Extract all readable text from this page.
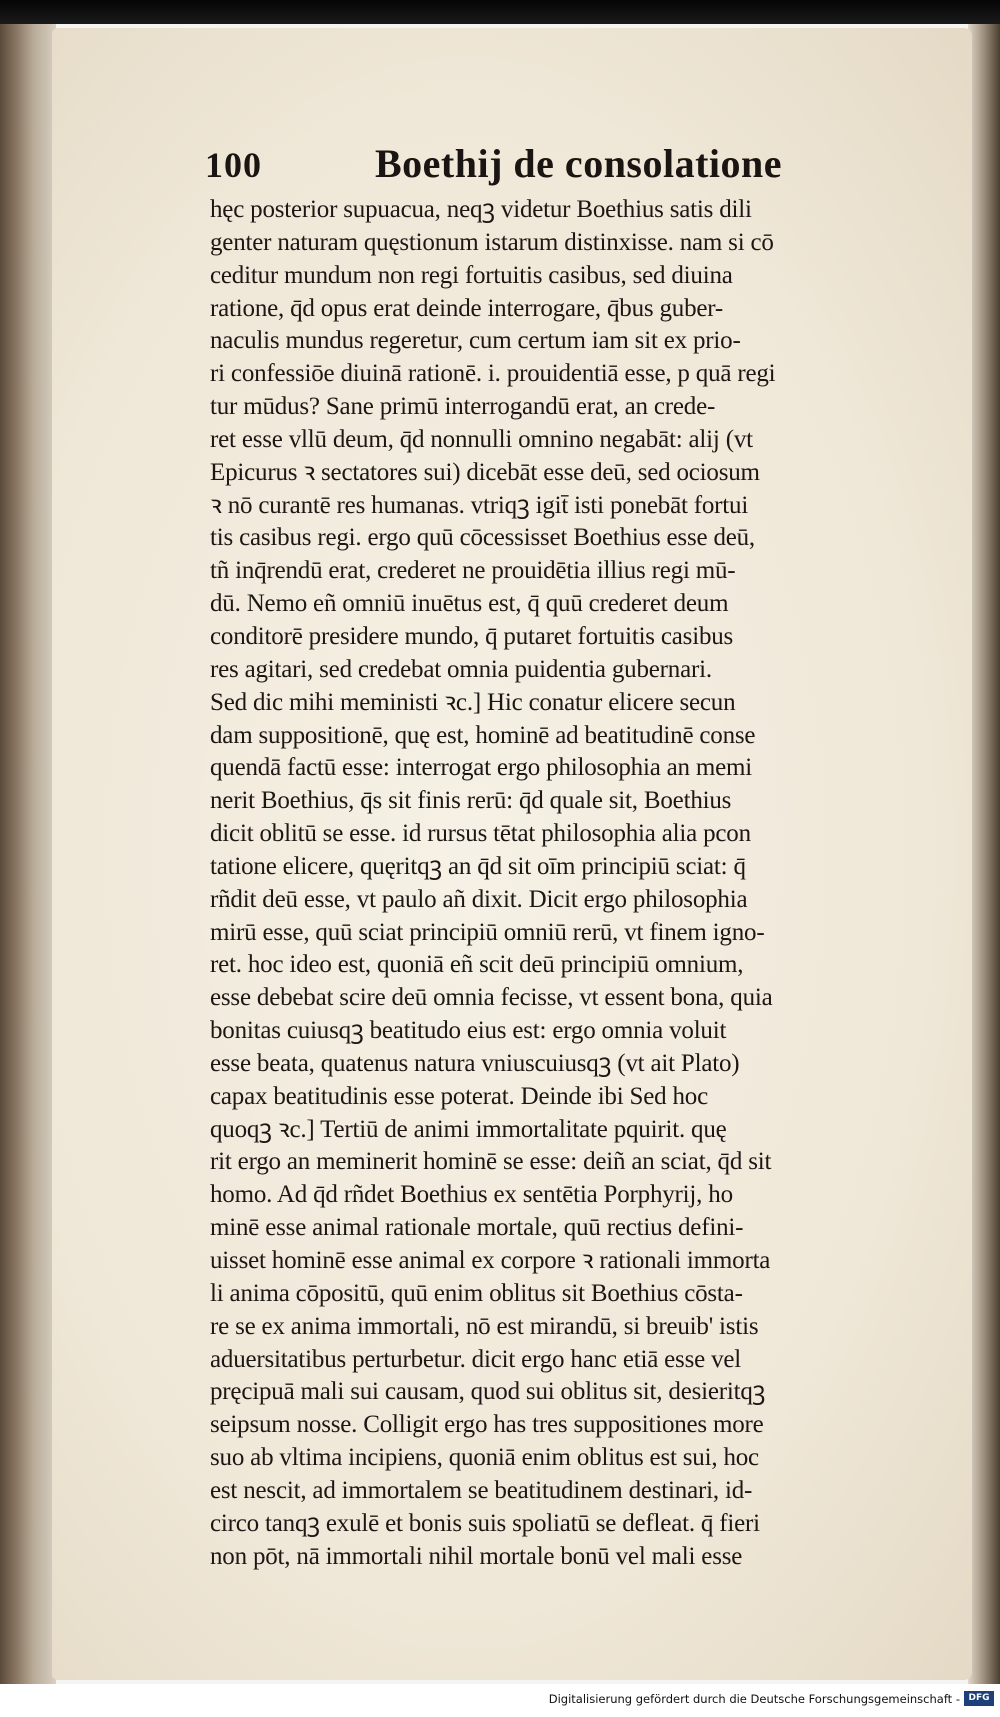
100	Boethij de consolatione
hęc posterior supuacua, neqꝫ videtur Boethius satis dili
genter naturam quęstionum istarum distinxisse. nam si cō
ceditur mundum non regi fortuitis casibus, sed diuina
ratione, q̄d opus erat deinde interrogare, q̄bus guber-
naculis mundus regeretur, cum certum iam sit ex prio-
ri confessiōe diuinā rationē. i. prouidentiā esse, p quā regi
tur mūdus? Sane primū interrogandū erat, an crede-
ret esse vllū deum, q̄d nonnulli omnino negabāt: alij (vt
Epicurus ꝛ sectatores sui) dicebāt esse deū, sed ociosum
ꝛ nō curantē res humanas. vtriqꝫ igit̄ isti ponebāt fortui
tis casibus regi. ergo quū cōcessisset Boethius esse deū,
tñ inq̄rendū erat, crederet ne prouidētia illius regi mū-
dū. Nemo eñ omniū inuētus est, q̄ quū crederet deum
conditorē presidere mundo, q̄ putaret fortuitis casibus
res agitari, sed credebat omnia puidentia gubernari.
Sed dic mihi meministi ꝛc.] Hic conatur elicere secun
dam suppositionē, quę est, hominē ad beatitudinē conse
quendā factū esse: interrogat ergo philosophia an memi
nerit Boethius, q̄s sit finis rerū: q̄d quale sit, Boethius
dicit oblitū se esse. id rursus tētat philosophia alia pcon
tatione elicere, quęritqꝫ an q̄d sit oīm principiū sciat: q̄
rñdit deū esse, vt paulo añ dixit. Dicit ergo philosophia
mirū esse, quū sciat principiū omniū rerū, vt finem igno-
ret. hoc ideo est, quoniā eñ scit deū principiū omnium,
esse debebat scire deū omnia fecisse, vt essent bona, quia
bonitas cuiusqꝫ beatitudo eius est: ergo omnia voluit
esse beata, quatenus natura vniuscuiusqꝫ (vt ait Plato)
capax beatitudinis esse poterat. Deinde ibi Sed hoc
quoqꝫ ꝛc.] Tertiū de animi immortalitate pquirit. quę
rit ergo an meminerit hominē se esse: deiñ an sciat, q̄d sit
homo. Ad q̄d rñdet Boethius ex sentētia Porphyrij, ho
minē esse animal rationale mortale, quū rectius defini-
uisset hominē esse animal ex corpore ꝛ rationali immorta
li anima cōpositū, quū enim oblitus sit Boethius cōsta-
re se ex anima immortali, nō est mirandū, si breuib' istis
aduersitatibus perturbetur. dicit ergo hanc etiā esse vel
pręcipuā mali sui causam, quod sui oblitus sit, desieritqꝫ
seipsum nosse. Colligit ergo has tres suppositiones more
suo ab vltima incipiens, quoniā enim oblitus est sui, hoc
est nescit, ad immortalem se beatitudinem destinari, id-
circo tanqꝫ exulē et bonis suis spoliatū se defleat. q̄ fieri
non pōt, nā immortali nihil mortale bonū vel mali esse
Digitalisierung gefördert durch die Deutsche Forschungsgemeinschaft - DFG
